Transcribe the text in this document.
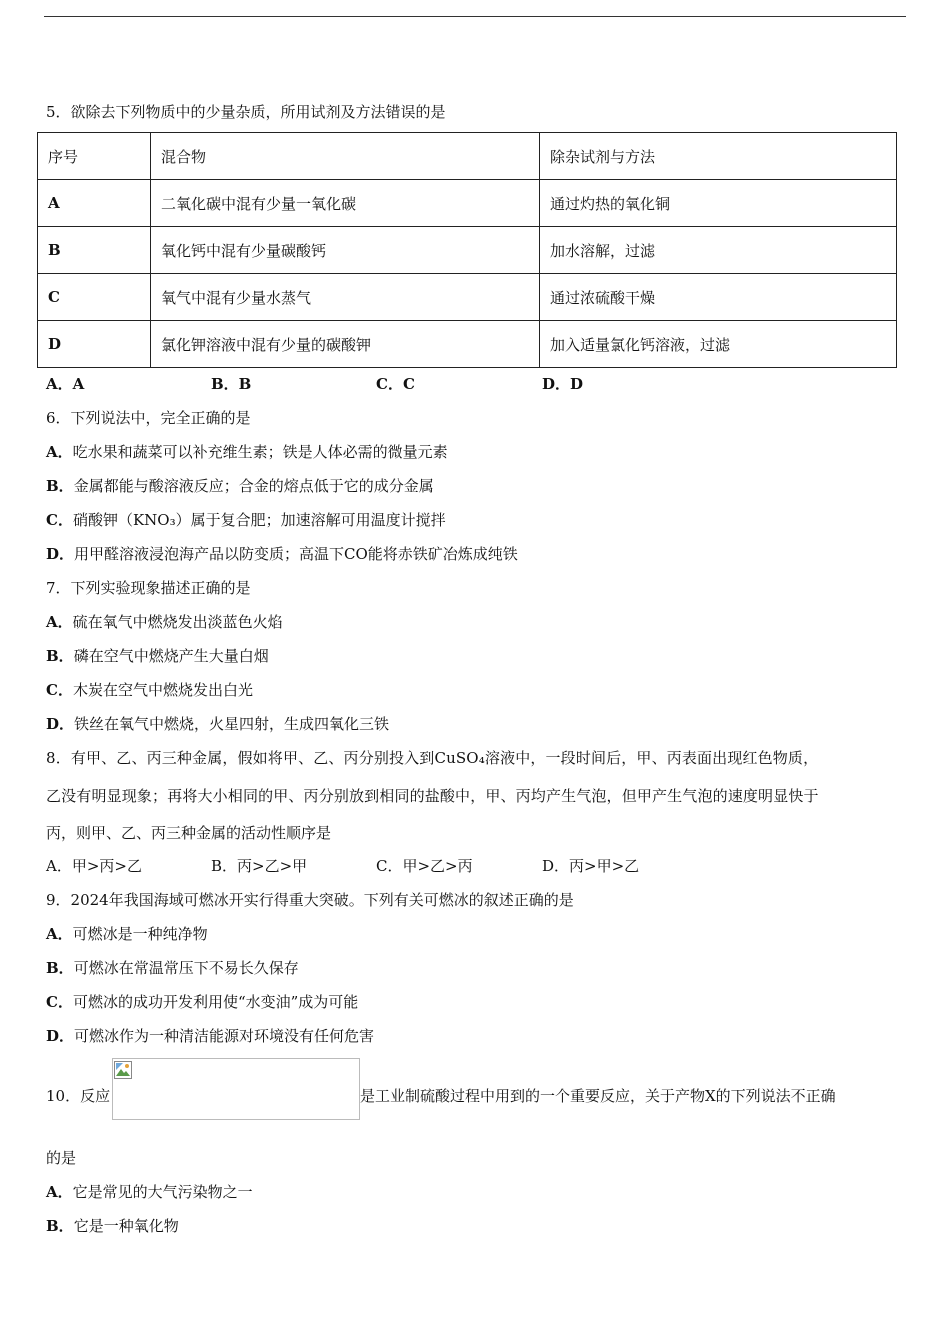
5．欲除去下列物质中的少量杂质，所用试剂及方法错误的是
序号	混合物	除杂试剂与方法
A	二氧化碳中混有少量一氧化碳	通过灼热的氧化铜
B	氧化钙中混有少量碳酸钙	加水溶解，过滤
C	氧气中混有少量水蒸气	通过浓硫酸干燥
D	氯化钾溶液中混有少量的碳酸钾	加入适量氯化钙溶液，过滤
A．A	B．B	C．C	D．D
6．下列说法中，完全正确的是
A．吃水果和蔬菜可以补充维生素；铁是人体必需的微量元素
B．金属都能与酸溶液反应；合金的熔点低于它的成分金属
C．硝酸钾（KNO₃）属于复合肥；加速溶解可用温度计搅拌
D．用甲醛溶液浸泡海产品以防变质；高温下CO能将赤铁矿冶炼成纯铁
7．下列实验现象描述正确的是
A．硫在氧气中燃烧发出淡蓝色火焰
B．磷在空气中燃烧产生大量白烟
C．木炭在空气中燃烧发出白光
D．铁丝在氧气中燃烧，火星四射，生成四氧化三铁
8．有甲、乙、丙三种金属，假如将甲、乙、丙分别投入到CuSO₄溶液中，一段时间后，甲、丙表面出现红色物质，
乙没有明显现象；再将大小相同的甲、丙分别放到相同的盐酸中，甲、丙均产生气泡，但甲产生气泡的速度明显快于
丙，则甲、乙、丙三种金属的活动性顺序是
A．甲>丙>乙	B．丙>乙>甲	C．甲>乙>丙	D．丙>甲>乙
9．2024年我国海域可燃冰开实行得重大突破。下列有关可燃冰的叙述正确的是
A．可燃冰是一种纯净物
B．可燃冰在常温常压下不易长久保存
C．可燃冰的成功开发利用使“水变油”成为可能
D．可燃冰作为一种清洁能源对环境没有任何危害
10．反应	是工业制硫酸过程中用到的一个重要反应，关于产物X的下列说法不正确
的是
A．它是常见的大气污染物之一
B．它是一种氧化物
